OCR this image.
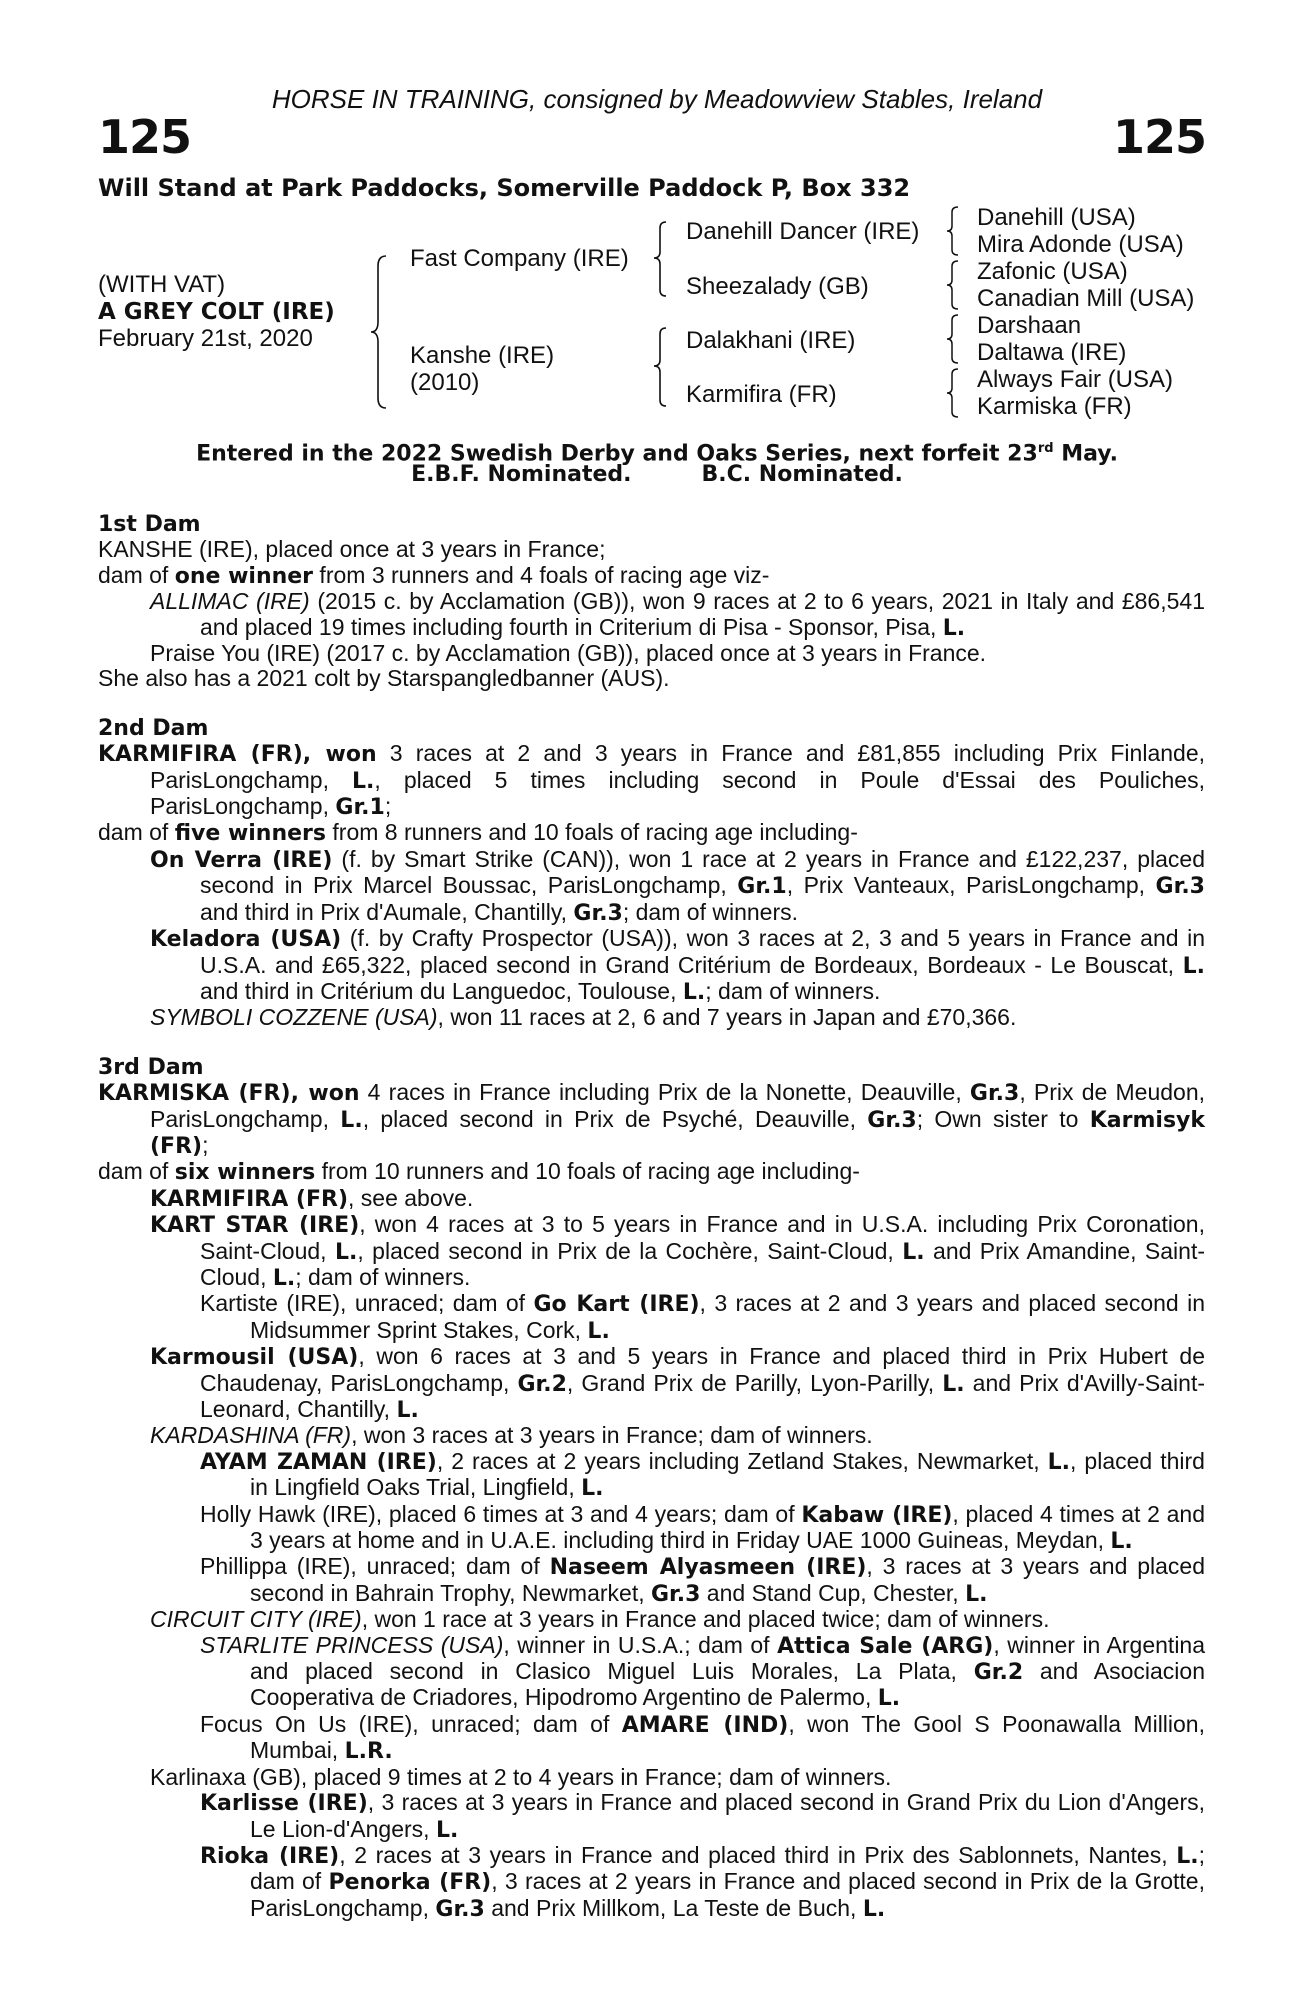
HORSE IN TRAINING, consigned by Meadowview Stables, Ireland
125	125
Will Stand at Park Paddocks, Somerville Paddock P, Box 332
(WITH VAT)
A GREY COLT (IRE)
February 21st, 2020
Fast Company (IRE)
Kanshe (IRE)
(2010)
Danehill Dancer (IRE)
Sheezalady (GB)
Dalakhani (IRE)
Karmifira (FR)
Danehill (USA)
Mira Adonde (USA)
Zafonic (USA)
Canadian Mill (USA)
Darshaan
Daltawa (IRE)
Always Fair (USA)
Karmiska (FR)
Entered in the 2022 Swedish Derby and Oaks Series, next forfeit 23rd May.
E.B.F. Nominated.	B.C. Nominated.
1st Dam
KANSHE (IRE), placed once at 3 years in France;
dam of one winner from 3 runners and 4 foals of racing age viz-
ALLIMAC (IRE) (2015 c. by Acclamation (GB)), won 9 races at 2 to 6 years, 2021 in Italy and £86,541 and placed 19 times including fourth in Criterium di Pisa - Sponsor, Pisa, L.
Praise You (IRE) (2017 c. by Acclamation (GB)), placed once at 3 years in France.
She also has a 2021 colt by Starspangledbanner (AUS).
2nd Dam
KARMIFIRA (FR), won 3 races at 2 and 3 years in France and £81,855 including Prix Finlande, ParisLongchamp, L., placed 5 times including second in Poule d'Essai des Pouliches, ParisLongchamp, Gr.1;
dam of five winners from 8 runners and 10 foals of racing age including-
On Verra (IRE) (f. by Smart Strike (CAN)), won 1 race at 2 years in France and £122,237, placed second in Prix Marcel Boussac, ParisLongchamp, Gr.1, Prix Vanteaux, ParisLongchamp, Gr.3 and third in Prix d'Aumale, Chantilly, Gr.3; dam of winners.
Keladora (USA) (f. by Crafty Prospector (USA)), won 3 races at 2, 3 and 5 years in France and in U.S.A. and £65,322, placed second in Grand Critérium de Bordeaux, Bordeaux - Le Bouscat, L. and third in Critérium du Languedoc, Toulouse, L.; dam of winners.
SYMBOLI COZZENE (USA), won 11 races at 2, 6 and 7 years in Japan and £70,366.
3rd Dam
KARMISKA (FR), won 4 races in France including Prix de la Nonette, Deauville, Gr.3, Prix de Meudon, ParisLongchamp, L., placed second in Prix de Psyché, Deauville, Gr.3; Own sister to Karmisyk (FR);
dam of six winners from 10 runners and 10 foals of racing age including-
KARMIFIRA (FR), see above.
KART STAR (IRE), won 4 races at 3 to 5 years in France and in U.S.A. including Prix Coronation, Saint-Cloud, L., placed second in Prix de la Cochère, Saint-Cloud, L. and Prix Amandine, Saint-Cloud, L.; dam of winners.
Kartiste (IRE), unraced; dam of Go Kart (IRE), 3 races at 2 and 3 years and placed second in Midsummer Sprint Stakes, Cork, L.
Karmousil (USA), won 6 races at 3 and 5 years in France and placed third in Prix Hubert de Chaudenay, ParisLongchamp, Gr.2, Grand Prix de Parilly, Lyon-Parilly, L. and Prix d'Avilly-Saint-Leonard, Chantilly, L.
KARDASHINA (FR), won 3 races at 3 years in France; dam of winners.
AYAM ZAMAN (IRE), 2 races at 2 years including Zetland Stakes, Newmarket, L., placed third in Lingfield Oaks Trial, Lingfield, L.
Holly Hawk (IRE), placed 6 times at 3 and 4 years; dam of Kabaw (IRE), placed 4 times at 2 and 3 years at home and in U.A.E. including third in Friday UAE 1000 Guineas, Meydan, L.
Phillippa (IRE), unraced; dam of Naseem Alyasmeen (IRE), 3 races at 3 years and placed second in Bahrain Trophy, Newmarket, Gr.3 and Stand Cup, Chester, L.
CIRCUIT CITY (IRE), won 1 race at 3 years in France and placed twice; dam of winners.
STARLITE PRINCESS (USA), winner in U.S.A.; dam of Attica Sale (ARG), winner in Argentina and placed second in Clasico Miguel Luis Morales, La Plata, Gr.2 and Asociacion Cooperativa de Criadores, Hipodromo Argentino de Palermo, L.
Focus On Us (IRE), unraced; dam of AMARE (IND), won The Gool S Poonawalla Million, Mumbai, L.R.
Karlinaxa (GB), placed 9 times at 2 to 4 years in France; dam of winners.
Karlisse (IRE), 3 races at 3 years in France and placed second in Grand Prix du Lion d'Angers, Le Lion-d'Angers, L.
Rioka (IRE), 2 races at 3 years in France and placed third in Prix des Sablonnets, Nantes, L.; dam of Penorka (FR), 3 races at 2 years in France and placed second in Prix de la Grotte, ParisLongchamp, Gr.3 and Prix Millkom, La Teste de Buch, L.
